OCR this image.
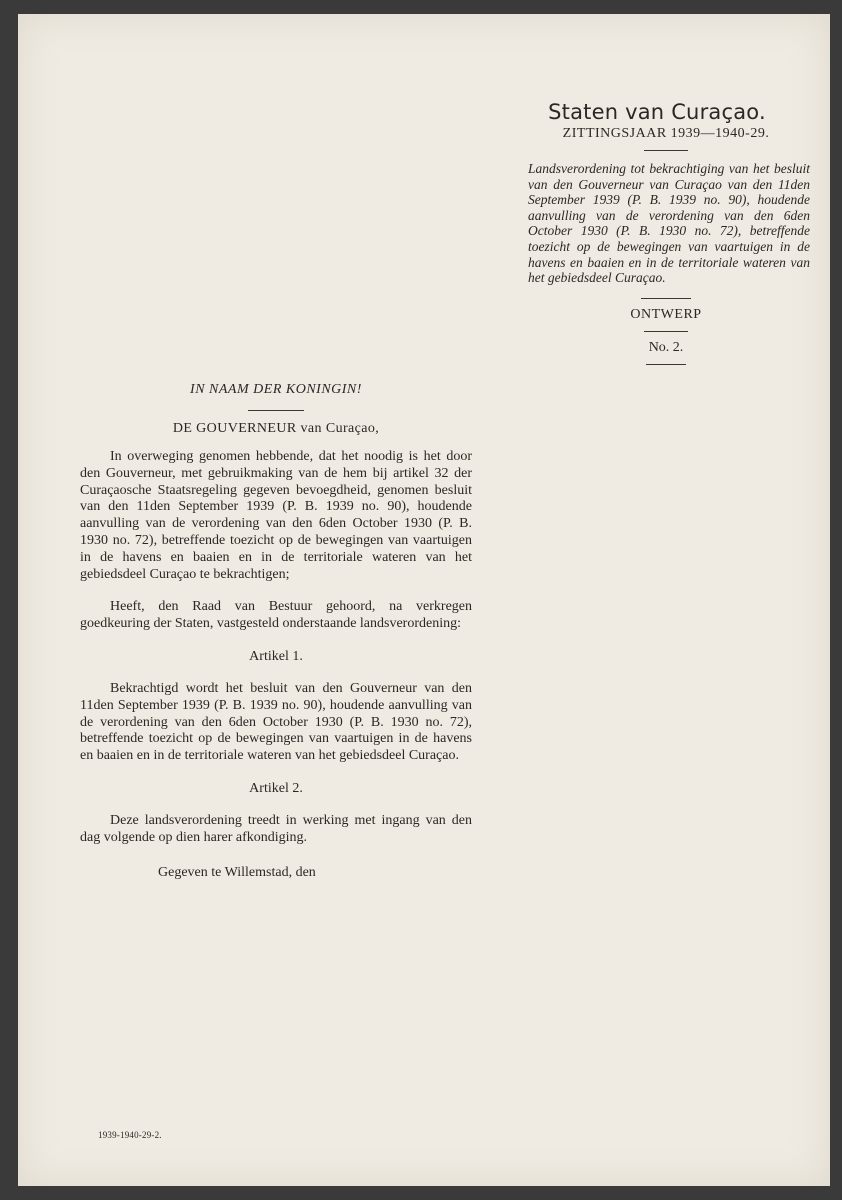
Staten van Curaçao.
ZITTINGSJAAR 1939—1940-29.
Landsverordening tot bekrachtiging van het besluit van den Gouverneur van Curaçao van den 11den September 1939 (P. B. 1939 no. 90), houdende aanvulling van de verordening van den 6den October 1930 (P. B. 1930 no. 72), betreffende toezicht op de bewegingen van vaartuigen in de havens en baaien en in de territoriale wateren van het gebiedsdeel Curaçao.
ONTWERP
No. 2.
IN NAAM DER KONINGIN!
DE GOUVERNEUR van Curaçao,

In overweging genomen hebbende, dat het noodig is het door den Gouverneur, met gebruikmaking van de hem bij artikel 32 der Curaçaosche Staatsregeling gegeven bevoegdheid, genomen besluit van den 11den September 1939 (P. B. 1939 no. 90), houdende aanvulling van de verordening van den 6den October 1930 (P. B. 1930 no. 72), betreffende toezicht op de bewegingen van vaartuigen in de havens en baaien en in de territoriale wateren van het gebiedsdeel Curaçao te bekrachtigen;

Heeft, den Raad van Bestuur gehoord, na verkregen goedkeuring der Staten, vastgesteld onderstaande landsverordening:

Artikel 1.

Bekrachtigd wordt het besluit van den Gouverneur van den 11den September 1939 (P. B. 1939 no. 90), houdende aanvulling van de verordening van den 6den October 1930 (P. B. 1930 no. 72), betreffende toezicht op de bewegingen van vaartuigen in de havens en baaien en in de territoriale wateren van het gebiedsdeel Curaçao.

Artikel 2.

Deze landsverordening treedt in werking met ingang van den dag volgende op dien harer afkondiging.

Gegeven te Willemstad, den
1939-1940-29-2.
